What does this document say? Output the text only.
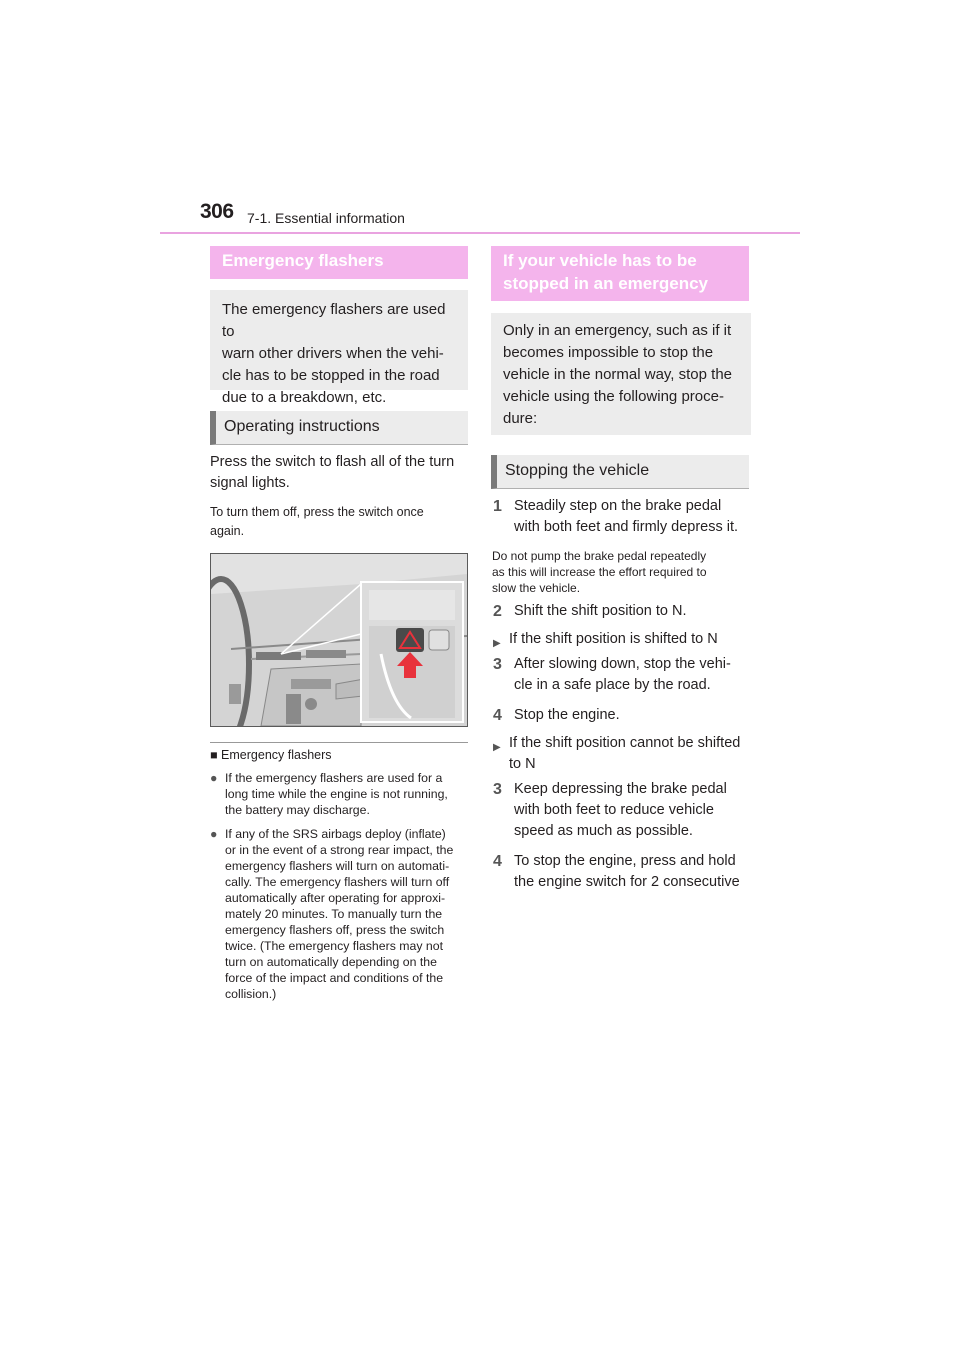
306 7-1. Essential information
Emergency flashers
The emergency flashers are used to
warn other drivers when the vehi-
cle has to be stopped in the road
due to a breakdown, etc.
Operating instructions
Press the switch to flash all of the turn
signal lights.
To turn them off, press the switch once
again.
■ Emergency flashers
● If the emergency flashers are used for a
long time while the engine is not running,
the battery may discharge.
● If any of the SRS airbags deploy (inflate)
or in the event of a strong rear impact, the
emergency flashers will turn on automati-
cally. The emergency flashers will turn off
automatically after operating for approxi-
mately 20 minutes. To manually turn the
emergency flashers off, press the switch
twice. (The emergency flashers may not
turn on automatically depending on the
force of the impact and conditions of the
collision.)
If your vehicle has to be
stopped in an emergency
Only in an emergency, such as if it
becomes impossible to stop the
vehicle in the normal way, stop the
vehicle using the following proce-
dure:
Stopping the vehicle
1 Steadily step on the brake pedal
with both feet and firmly depress it.
Do not pump the brake pedal repeatedly
as this will increase the effort required to
slow the vehicle.
2 Shift the shift position to N.
▶ If the shift position is shifted to N
3 After slowing down, stop the vehi-
cle in a safe place by the road.
4 Stop the engine.
▶ If the shift position cannot be shifted
to N
3 Keep depressing the brake pedal
with both feet to reduce vehicle
speed as much as possible.
4 To stop the engine, press and hold
the engine switch for 2 consecutive
